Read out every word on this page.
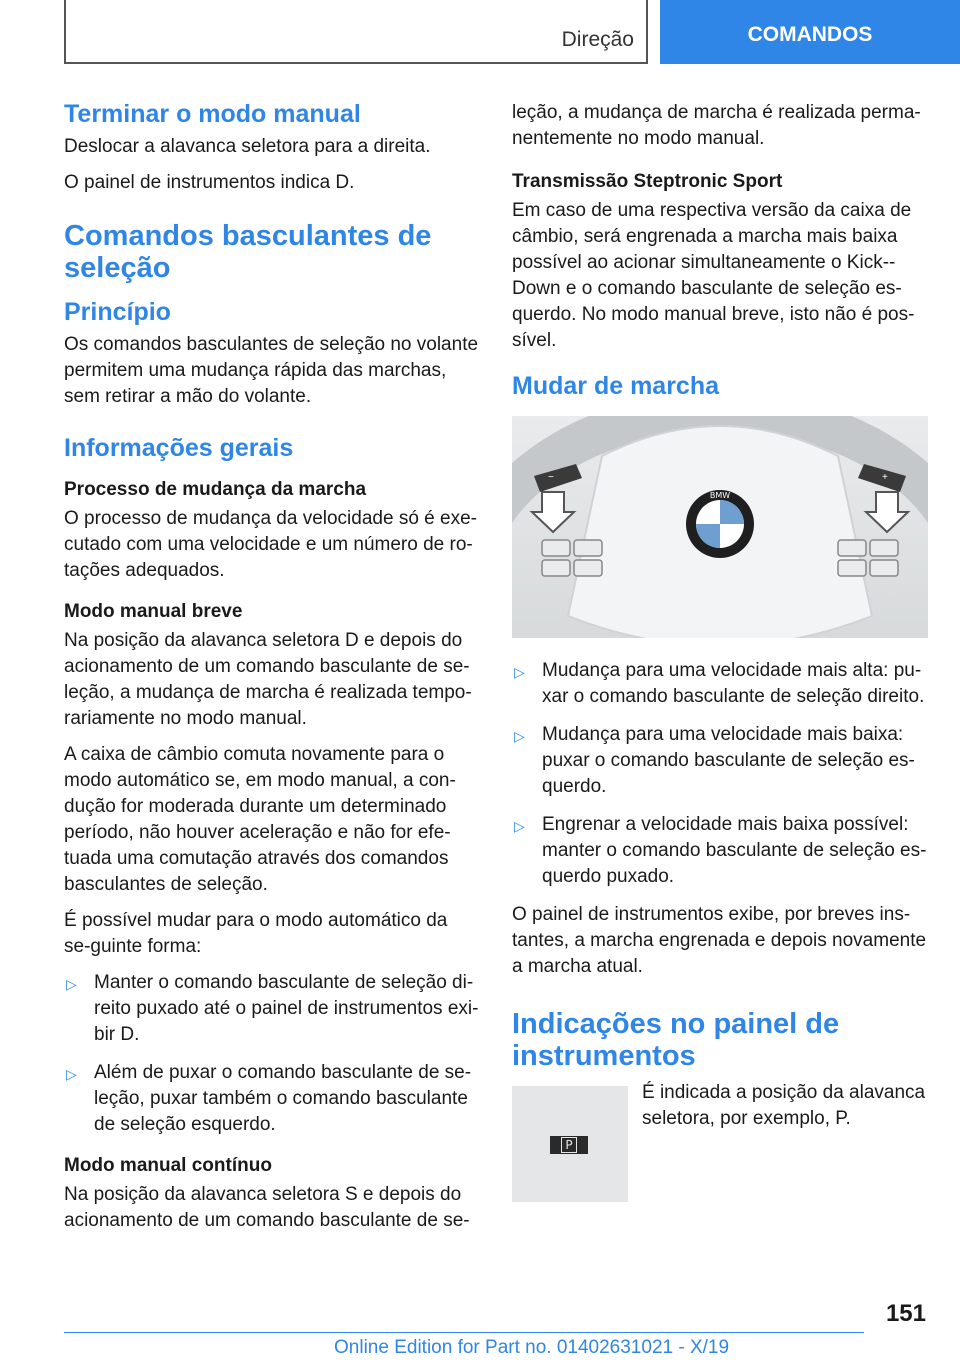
Direção	COMANDOS
Terminar o modo manual

Deslocar a alavanca seletora para a direita.

O painel de instrumentos indica D.

Comandos basculantes de seleção
Princípio

Os comandos basculantes de seleção no volante permitem uma mudança rápida das marchas, sem retirar a mão do volante.

Informações gerais
Processo de mudança da marcha

O processo de mudança da velocidade só é exe-cutado com uma velocidade e um número de ro-tações adequados.

Modo manual breve

Na posição da alavanca seletora D e depois do acionamento de um comando basculante de se-leção, a mudança de marcha é realizada tempo-rariamente no modo manual.

A caixa de câmbio comuta novamente para o modo automático se, em modo manual, a con-dução for moderada durante um determinado período, não houver aceleração e não for efe-tuada uma comutação através dos comandos basculantes de seleção.

É possível mudar para o modo automático da se-guinte forma:

▷ Manter o comando basculante de seleção di-reito puxado até o painel de instrumentos exi-bir D.
▷ Além de puxar o comando basculante de se-leção, puxar também o comando basculante de seleção esquerdo.
Modo manual contínuo

Na posição da alavanca seletora S e depois do acionamento de um comando basculante de se-

leção, a mudança de marcha é realizada perma-nentemente no modo manual.

Transmissão Steptronic Sport

Em caso de uma respectiva versão da caixa de câmbio, será engrenada a marcha mais baixa possível ao acionar simultaneamente o Kick--Down e o comando basculante de seleção es-querdo. No modo manual breve, isto não é pos-sível.

Mudar de marcha
BMW
−	+
▷ Mudança para uma velocidade mais alta: pu-xar o comando basculante de seleção direito.
▷ Mudança para uma velocidade mais baixa: puxar o comando basculante de seleção es-querdo.
▷ Engrenar a velocidade mais baixa possível: manter o comando basculante de seleção es-querdo puxado.

O painel de instrumentos exibe, por breves ins-tantes, a marcha engrenada e depois novamente a marcha atual.

Indicações no painel de instrumentos
P

É indicada a posição da alavanca seletora, por exemplo, P.

151
Online Edition for Part no. 01402631021 - X/19
